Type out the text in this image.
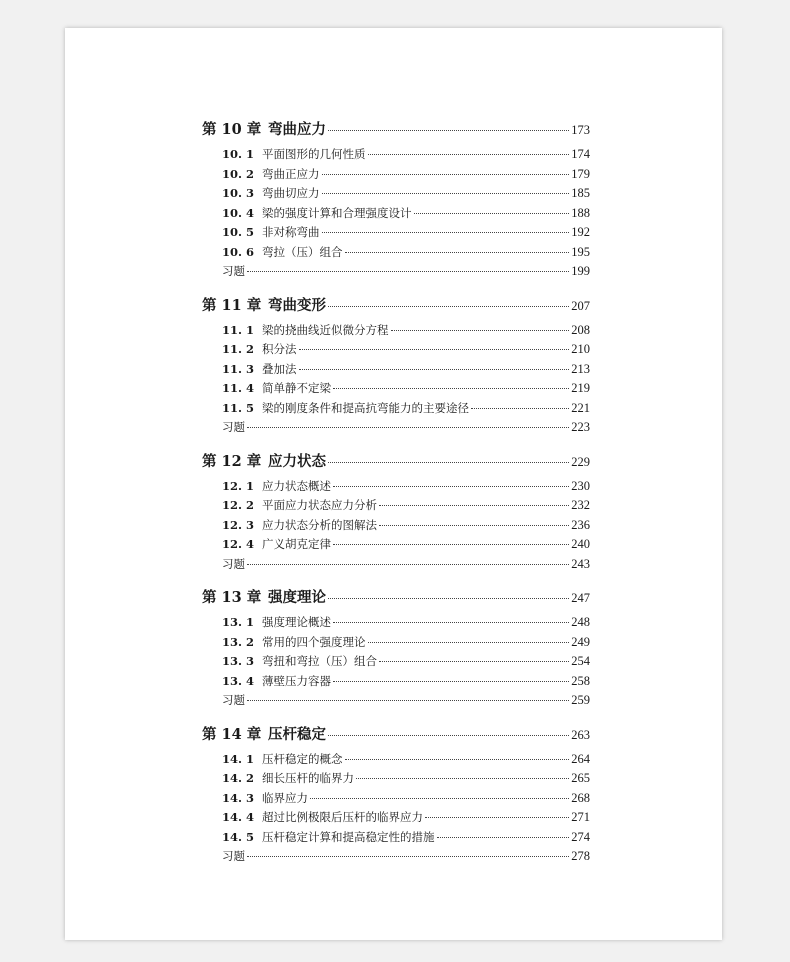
第 10 章 弯曲应力	173
10. 1 平面图形的几何性质	174
10. 2 弯曲正应力	179
10. 3 弯曲切应力	185
10. 4 梁的强度计算和合理强度设计	188
10. 5 非对称弯曲	192
10. 6 弯拉（压）组合	195
习题	199
第 11 章 弯曲变形	207
11. 1 梁的挠曲线近似微分方程	208
11. 2 积分法	210
11. 3 叠加法	213
11. 4 简单静不定梁	219
11. 5 梁的刚度条件和提高抗弯能力的主要途径	221
习题	223
第 12 章 应力状态	229
12. 1 应力状态概述	230
12. 2 平面应力状态应力分析	232
12. 3 应力状态分析的图解法	236
12. 4 广义胡克定律	240
习题	243
第 13 章 强度理论	247
13. 1 强度理论概述	248
13. 2 常用的四个强度理论	249
13. 3 弯扭和弯拉（压）组合	254
13. 4 薄壁压力容器	258
习题	259
第 14 章 压杆稳定	263
14. 1 压杆稳定的概念	264
14. 2 细长压杆的临界力	265
14. 3 临界应力	268
14. 4 超过比例极限后压杆的临界应力	271
14. 5 压杆稳定计算和提高稳定性的措施	274
习题	278
